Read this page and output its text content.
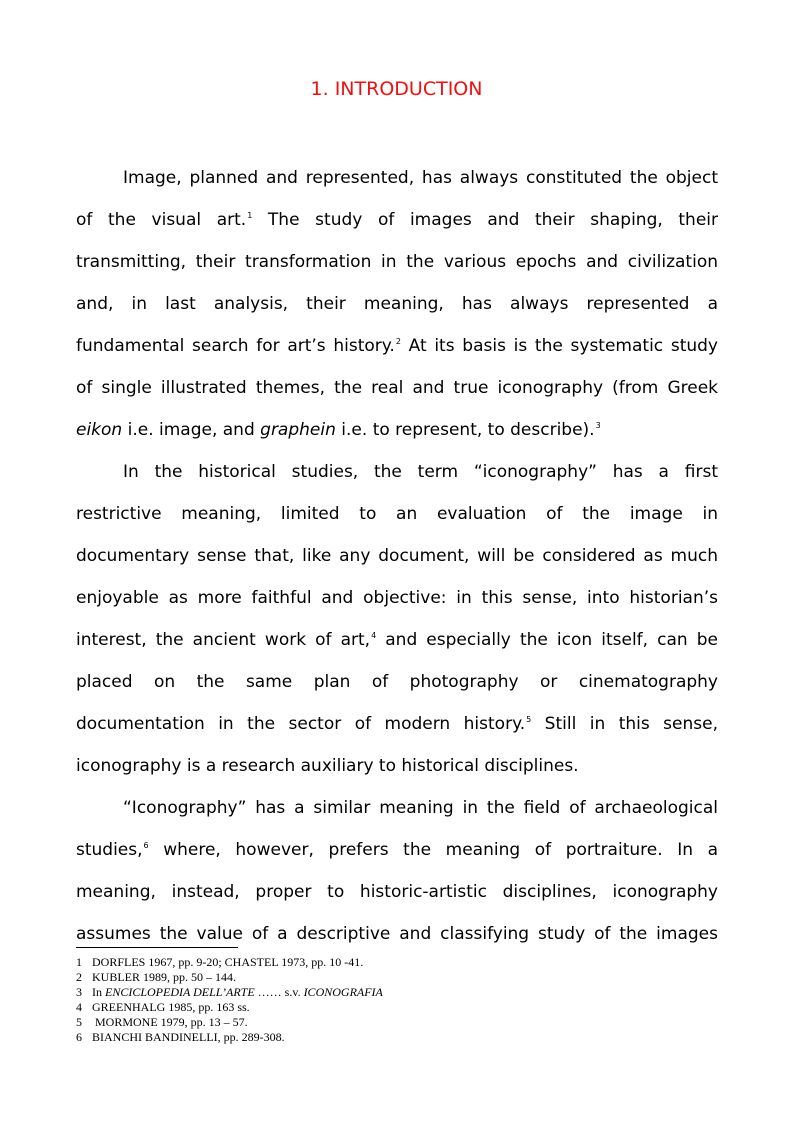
1. INTRODUCTION
Image, planned and represented, has always constituted the object
of the visual art.$^1$ The study of images and their shaping, their
transmitting, their transformation in the various epochs and civilization
and, in last analysis, their meaning, has always represented a
fundamental search for art’s history.$^2$ At its basis is the systematic study
of single illustrated themes, the real and true iconography (from Greek
eikon i.e. image, and graphein i.e. to represent, to describe).$^3$
In the historical studies, the term “iconography” has a first
restrictive meaning, limited to an evaluation of the image in
documentary sense that, like any document, will be considered as much
enjoyable as more faithful and objective: in this sense, into historian’s
interest, the ancient work of art,$^4$ and especially the icon itself, can be
placed on the same plan of photography or cinematography
documentation in the sector of modern history.$^5$ Still in this sense,
iconography is a research auxiliary to historical disciplines.
“Iconography” has a similar meaning in the field of archaeological
studies,$^6$ where, however, prefers the meaning of portraiture. In a
meaning, instead, proper to historic-artistic disciplines, iconography
assumes the value of a descriptive and classifying study of the images
1 DORFLES 1967, pp. 9-20; CHASTEL 1973, pp. 10 -41.
2 KUBLER 1989, pp. 50 – 144.
3 In ENCICLOPEDIA DELL’ARTE …… s.v. ICONOGRAFIA
4 GREENHALG 1985, pp. 163 ss.
5 MORMONE 1979, pp. 13 – 57.
6 BIANCHI BANDINELLI, pp. 289-308.
